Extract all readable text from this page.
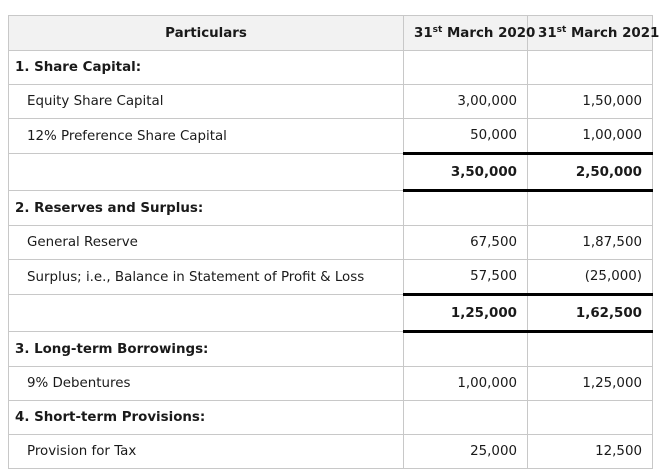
Particulars	31st March 2020	31st March 2021
1. Share Capital:		
Equity Share Capital	3,00,000	1,50,000
12% Preference Share Capital	50,000	1,00,000
	3,50,000	2,50,000
2. Reserves and Surplus:		
General Reserve	67,500	1,87,500
Surplus; i.e., Balance in Statement of Profit & Loss	57,500	(25,000)
	1,25,000	1,62,500
3. Long-term Borrowings:		
9% Debentures	1,00,000	1,25,000
4. Short-term Provisions:		
Provision for Tax	25,000	12,500
